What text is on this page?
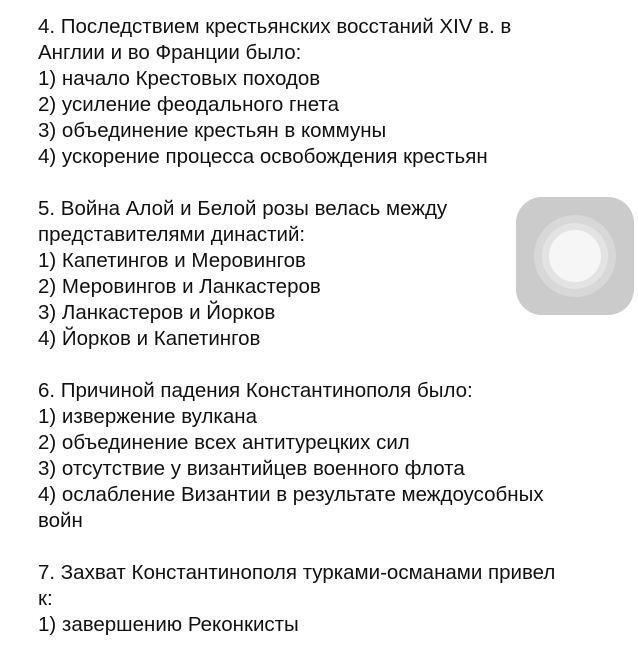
4. Последствием крестьянских восстаний XIV в. в
Англии и во Франции было:
1) начало Крестовых походов
2) усиление феодального гнета
3) объединение крестьян в коммуны
4) ускорение процесса освобождения крестьян
5. Война Алой и Белой розы велась между
представителями династий:
1) Капетингов и Меровингов
2) Меровингов и Ланкастеров
3) Ланкастеров и Йорков
4) Йорков и Капетингов
6. Причиной падения Константинополя было:
1) извержение вулкана
2) объединение всех антитурецких сил
3) отсутствие у византийцев военного флота
4) ослабление Византии в результате междоусобных
войн
7. Захват Константинополя турками-османами привел
к:
1) завершению Реконкисты
